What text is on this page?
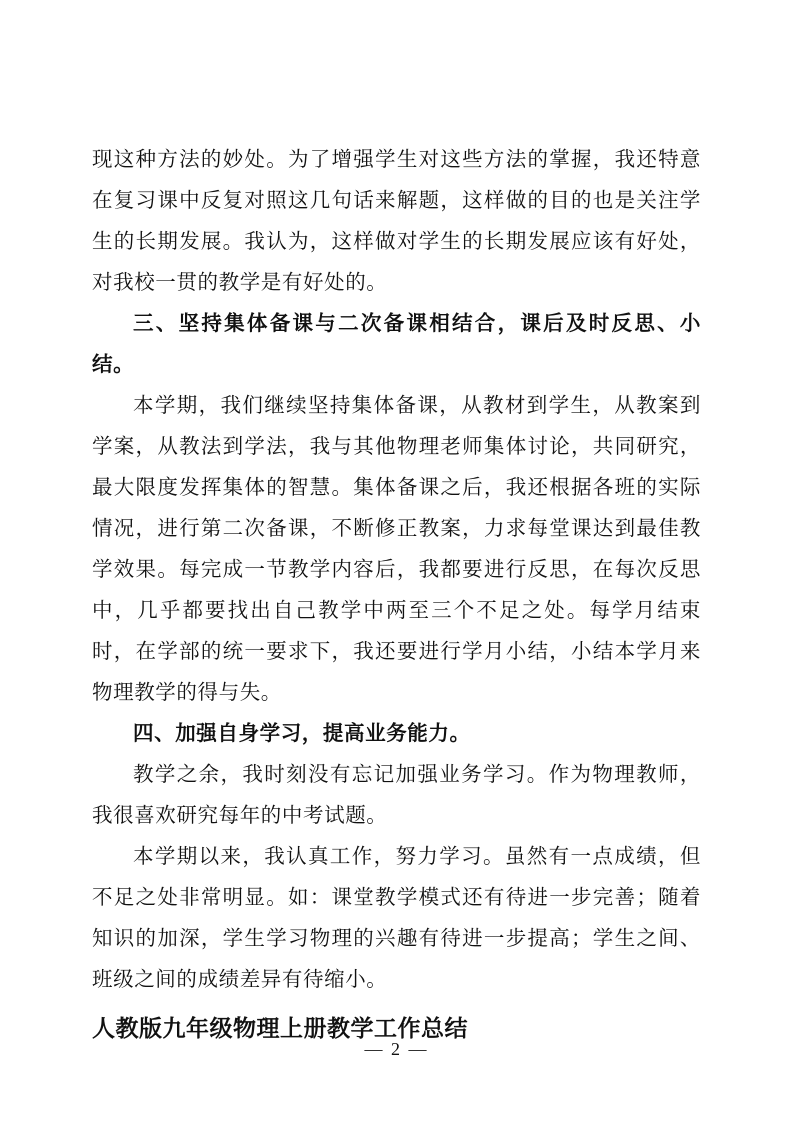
现这种方法的妙处。为了增强学生对这些方法的掌握，我还特意在复习课中反复对照这几句话来解题，这样做的目的也是关注学生的长期发展。我认为，这样做对学生的长期发展应该有好处，对我校一贯的教学是有好处的。

三、坚持集体备课与二次备课相结合，课后及时反思、小结。

本学期，我们继续坚持集体备课，从教材到学生，从教案到学案，从教法到学法，我与其他物理老师集体讨论，共同研究，最大限度发挥集体的智慧。集体备课之后，我还根据各班的实际情况，进行第二次备课，不断修正教案，力求每堂课达到最佳教学效果。每完成一节教学内容后，我都要进行反思，在每次反思中，几乎都要找出自己教学中两至三个不足之处。每学月结束时，在学部的统一要求下，我还要进行学月小结，小结本学月来物理教学的得与失。

四、加强自身学习，提高业务能力。

教学之余，我时刻没有忘记加强业务学习。作为物理教师，我很喜欢研究每年的中考试题。

本学期以来，我认真工作，努力学习。虽然有一点成绩，但不足之处非常明显。如：课堂教学模式还有待进一步完善；随着知识的加深，学生学习物理的兴趣有待进一步提高；学生之间、班级之间的成绩差异有待缩小。

人教版九年级物理上册教学工作总结

— 2 —
